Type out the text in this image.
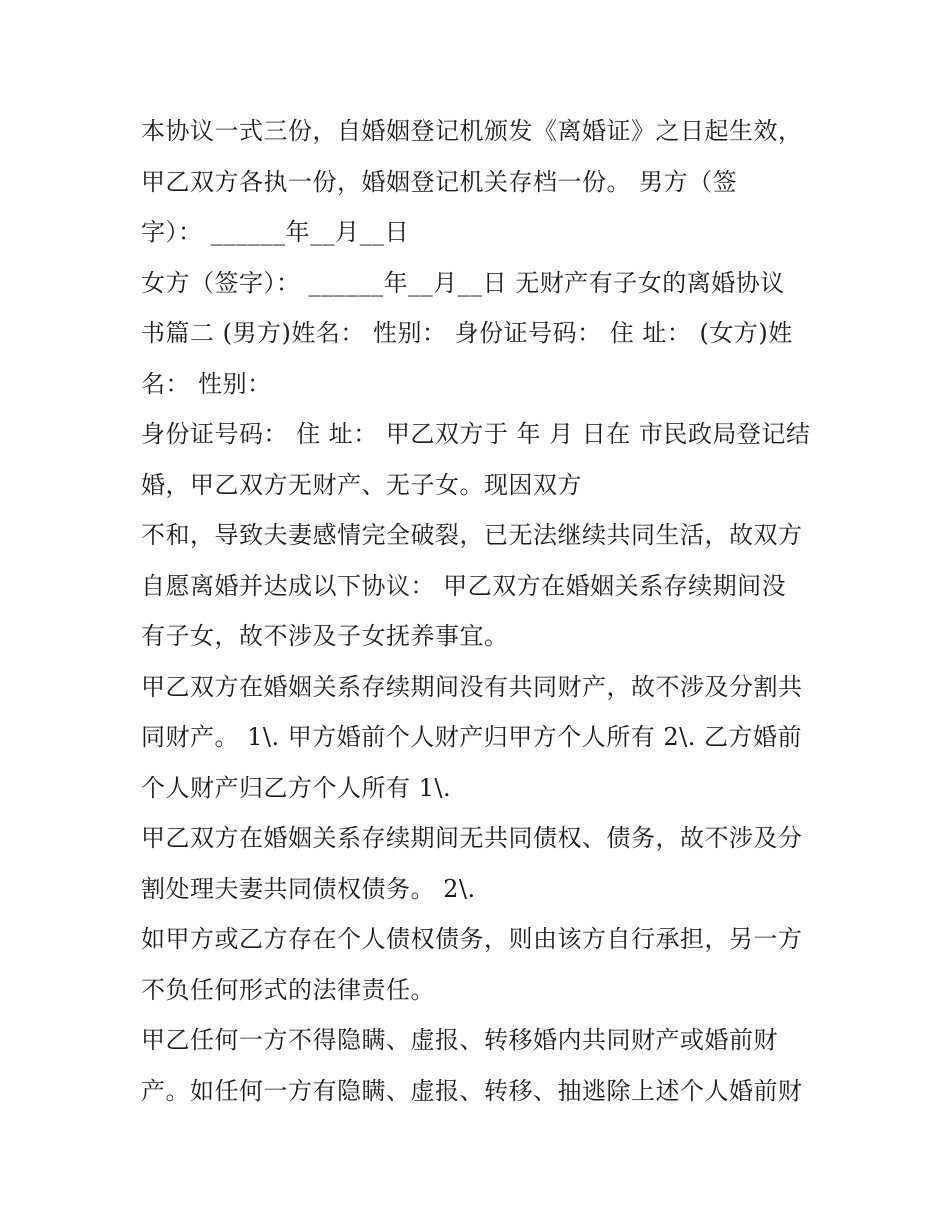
本协议一式三份，自婚姻登记机颁发《离婚证》之日起生效，
甲乙双方各执一份，婚姻登记机关存档一份。 男方（签
字）： ______年__月__日
女方（签字）： ______年__月__日 无财产有子女的离婚协议
书篇二 (男方)姓名： 性别： 身份证号码： 住 址： (女方)姓
名： 性别：
身份证号码： 住 址： 甲乙双方于 年 月 日在 市民政局登记结
婚，甲乙双方无财产、无子女。现因双方
不和，导致夫妻感情完全破裂，已无法继续共同生活，故双方
自愿离婚并达成以下协议： 甲乙双方在婚姻关系存续期间没
有子女，故不涉及子女抚养事宜。
甲乙双方在婚姻关系存续期间没有共同财产，故不涉及分割共
同财产。 1\. 甲方婚前个人财产归甲方个人所有 2\. 乙方婚前
个人财产归乙方个人所有 1\.
甲乙双方在婚姻关系存续期间无共同债权、债务，故不涉及分
割处理夫妻共同债权债务。 2\.
如甲方或乙方存在个人债权债务，则由该方自行承担，另一方
不负任何形式的法律责任。
甲乙任何一方不得隐瞒、虚报、转移婚内共同财产或婚前财
产。如任何一方有隐瞒、虚报、转移、抽逃除上述个人婚前财
